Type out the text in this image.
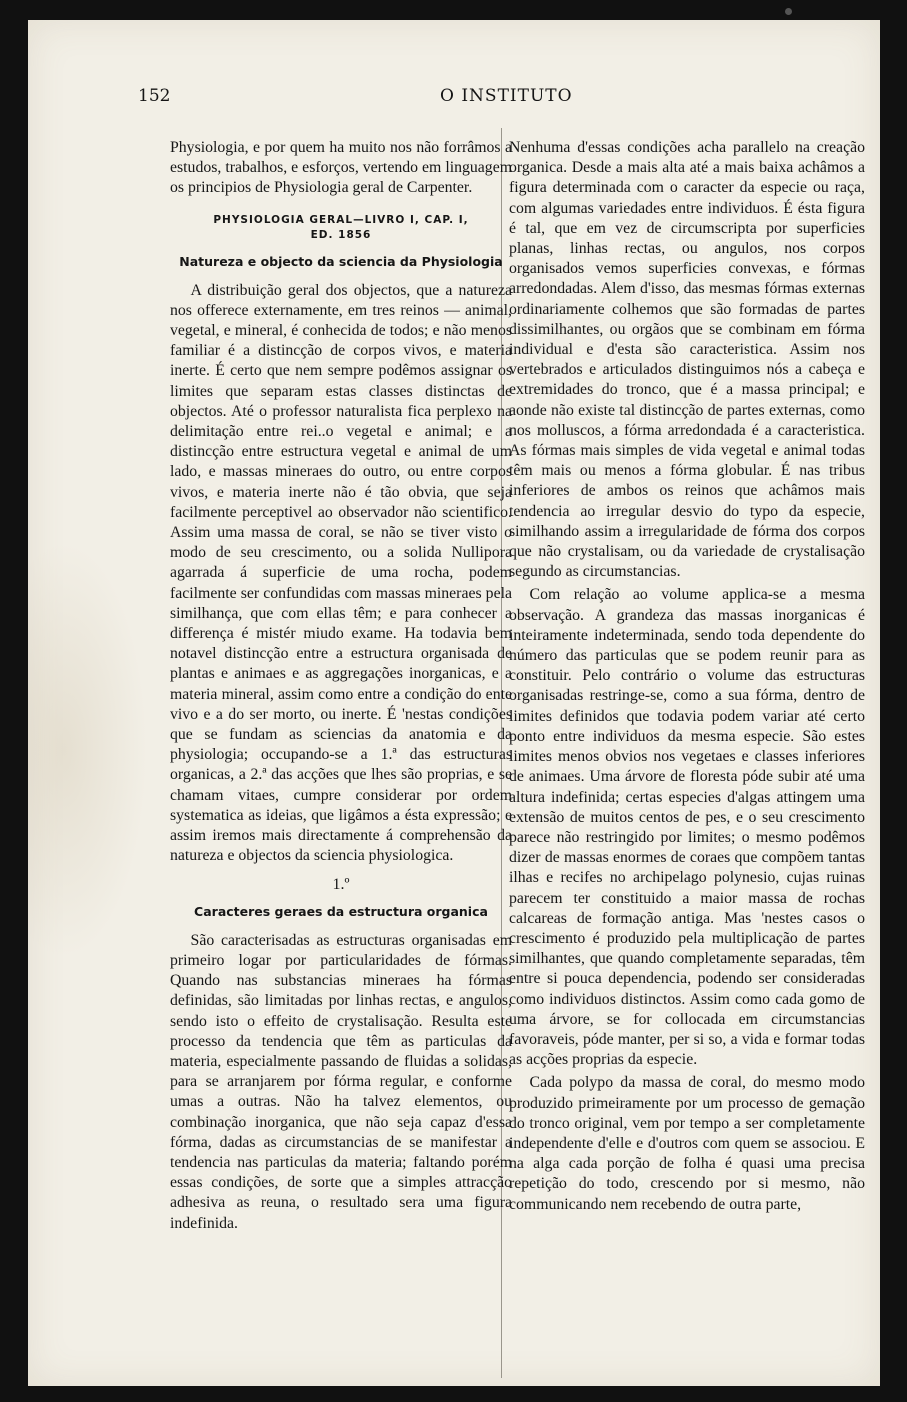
152	O INSTITUTO

Physiologia, e por quem ha muito nos não forrâmos a estudos, trabalhos, e esforços, vertendo em linguagem os principios de Physiologia geral de Carpenter.

PHYSIOLOGIA GERAL—LIVRO I, CAP. I,
ED. 1856
Natureza e objecto da sciencia da Physiologia

A distribuição geral dos objectos, que a natureza nos offerece externamente, em tres reinos — animal, vegetal, e mineral, é conhecida de todos; e não menos familiar é a distincção de corpos vivos, e materia inerte. É certo que nem sempre podêmos assignar os limites que separam estas classes distinctas de objectos. Até o professor naturalista fica perplexo na delimitação entre rei..o vegetal e animal; e a distincção entre estructura vegetal e animal de um lado, e massas mineraes do outro, ou entre corpos vivos, e materia inerte não é tão obvia, que seja facilmente perceptivel ao observador não scientifico. Assim uma massa de coral, se não se tiver visto o modo de seu crescimento, ou a solida Nullipora agarrada á superficie de uma rocha, podem facilmente ser confundidas com massas mineraes pela similhança, que com ellas têm; e para conhecer a differença é mistér miudo exame. Ha todavia bem notavel distincção entre a estructura organisada de plantas e animaes e as aggregações inorganicas, e a materia mineral, assim como entre a condição do ente vivo e a do ser morto, ou inerte. É 'nestas condições que se fundam as sciencias da anatomia e da physiologia; occupando-se a 1.ª das estructuras organicas, a 2.ª das acções que lhes são proprias, e se chamam vitaes, cumpre considerar por ordem systematica as ideias, que ligâmos a ésta expressão; e assim iremos mais directamente á comprehensão da natureza e objectos da sciencia physiologica.

1.º
Caracteres geraes da estructura organica

São caracterisadas as estructuras organisadas em primeiro logar por particularidades de fórmas. Quando nas substancias mineraes ha fórmas definidas, são limitadas por linhas rectas, e angulos, sendo isto o effeito de crystalisação. Resulta este processo da tendencia que têm as particulas da materia, especialmente passando de fluidas a solidas, para se arranjarem por fórma regular, e conforme umas a outras. Não ha talvez elementos, ou combinação inorganica, que não seja capaz d'essa fórma, dadas as circumstancias de se manifestar a tendencia nas particulas da materia; faltando porém essas condições, de sorte que a simples attracção adhesiva as reuna, o resultado sera uma figura indefinida.

Nenhuma d'essas condições acha parallelo na creação organica. Desde a mais alta até a mais baixa achâmos a figura determinada com o caracter da especie ou raça, com algumas variedades entre individuos. É ésta figura é tal, que em vez de circumscripta por superficies planas, linhas rectas, ou angulos, nos corpos organisados vemos superficies convexas, e fórmas arredondadas. Alem d'isso, das mesmas fórmas externas ordinariamente colhemos que são formadas de partes dissimilhantes, ou orgãos que se combinam em fórma individual e d'esta são caracteristica. Assim nos vertebrados e articulados distinguimos nós a cabeça e extremidades do tronco, que é a massa principal; e aonde não existe tal distincção de partes externas, como nos molluscos, a fórma arredondada é a caracteristica. As fórmas mais simples de vida vegetal e animal todas têm mais ou menos a fórma globular. É nas tribus inferiores de ambos os reinos que achâmos mais tendencia ao irregular desvio do typo da especie, similhando assim a irregularidade de fórma dos corpos que não crystalisam, ou da variedade de crystalisação segundo as circumstancias.

Com relação ao volume applica-se a mesma observação. A grandeza das massas inorganicas é inteiramente indeterminada, sendo toda dependente do número das particulas que se podem reunir para as constituir. Pelo contrário o volume das estructuras organisadas restringe-se, como a sua fórma, dentro de limites definidos que todavia podem variar até certo ponto entre individuos da mesma especie. São estes limites menos obvios nos vegetaes e classes inferiores de animaes. Uma árvore de floresta póde subir até uma altura indefinida; certas especies d'algas attingem uma extensão de muitos centos de pes, e o seu crescimento parece não restringido por limites; o mesmo podêmos dizer de massas enormes de coraes que compõem tantas ilhas e recifes no archipelago polynesio, cujas ruinas parecem ter constituido a maior massa de rochas calcareas de formação antiga. Mas 'nestes casos o crescimento é produzido pela multiplicação de partes similhantes, que quando completamente separadas, têm entre si pouca dependencia, podendo ser consideradas como individuos distinctos. Assim como cada gomo de uma árvore, se for collocada em circumstancias favoraveis, póde manter, per si so, a vida e formar todas as acções proprias da especie.

Cada polypo da massa de coral, do mesmo modo produzido primeiramente por um processo de gemação do tronco original, vem por tempo a ser completamente independente d'elle e d'outros com quem se associou. E na alga cada porção de folha é quasi uma precisa repetição do todo, crescendo por si mesmo, não communicando nem recebendo de outra parte,
